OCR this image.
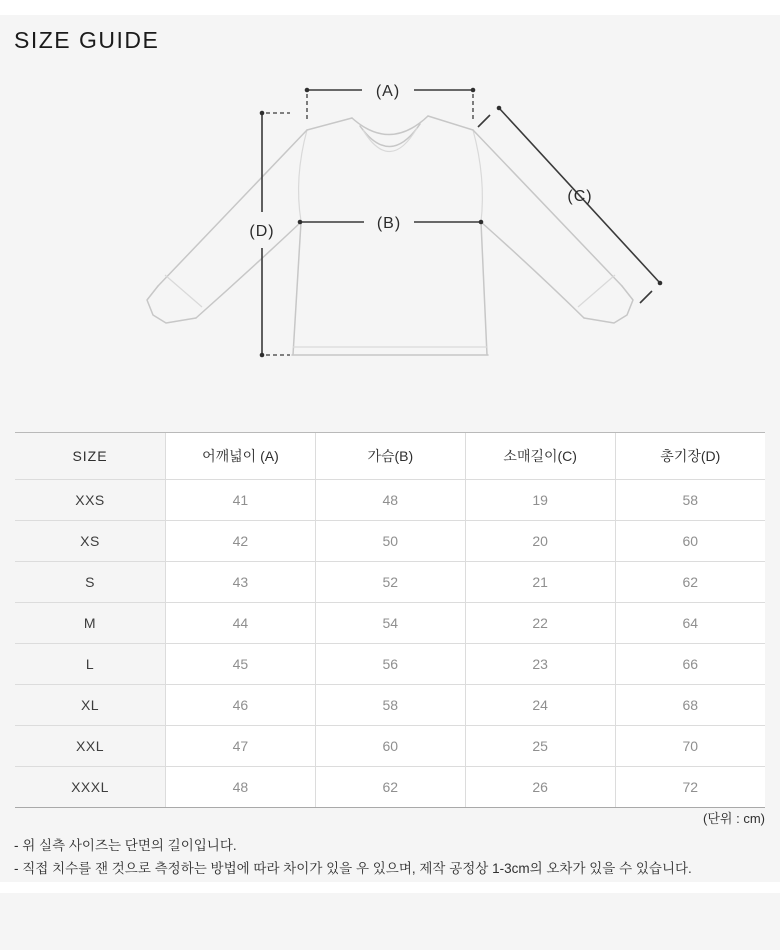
SIZE GUIDE
(A)
(B)
(C)
(D)
SIZE	어깨넓이 (A)	가슴(B)	소매길이(C)	총기장(D)
XXS	41	48	19	58
XS	42	50	20	60
S	43	52	21	62
M	44	54	22	64
L	45	56	23	66
XL	46	58	24	68
XXL	47	60	25	70
XXXL	48	62	26	72
(단위 : cm)
- 위 실측 사이즈는 단면의 길이입니다.
- 직접 치수를 잰 것으로 측정하는 방법에 따라 차이가 있을 우 있으며, 제작 공정상 1-3cm의 오차가 있을 수 있습니다.
